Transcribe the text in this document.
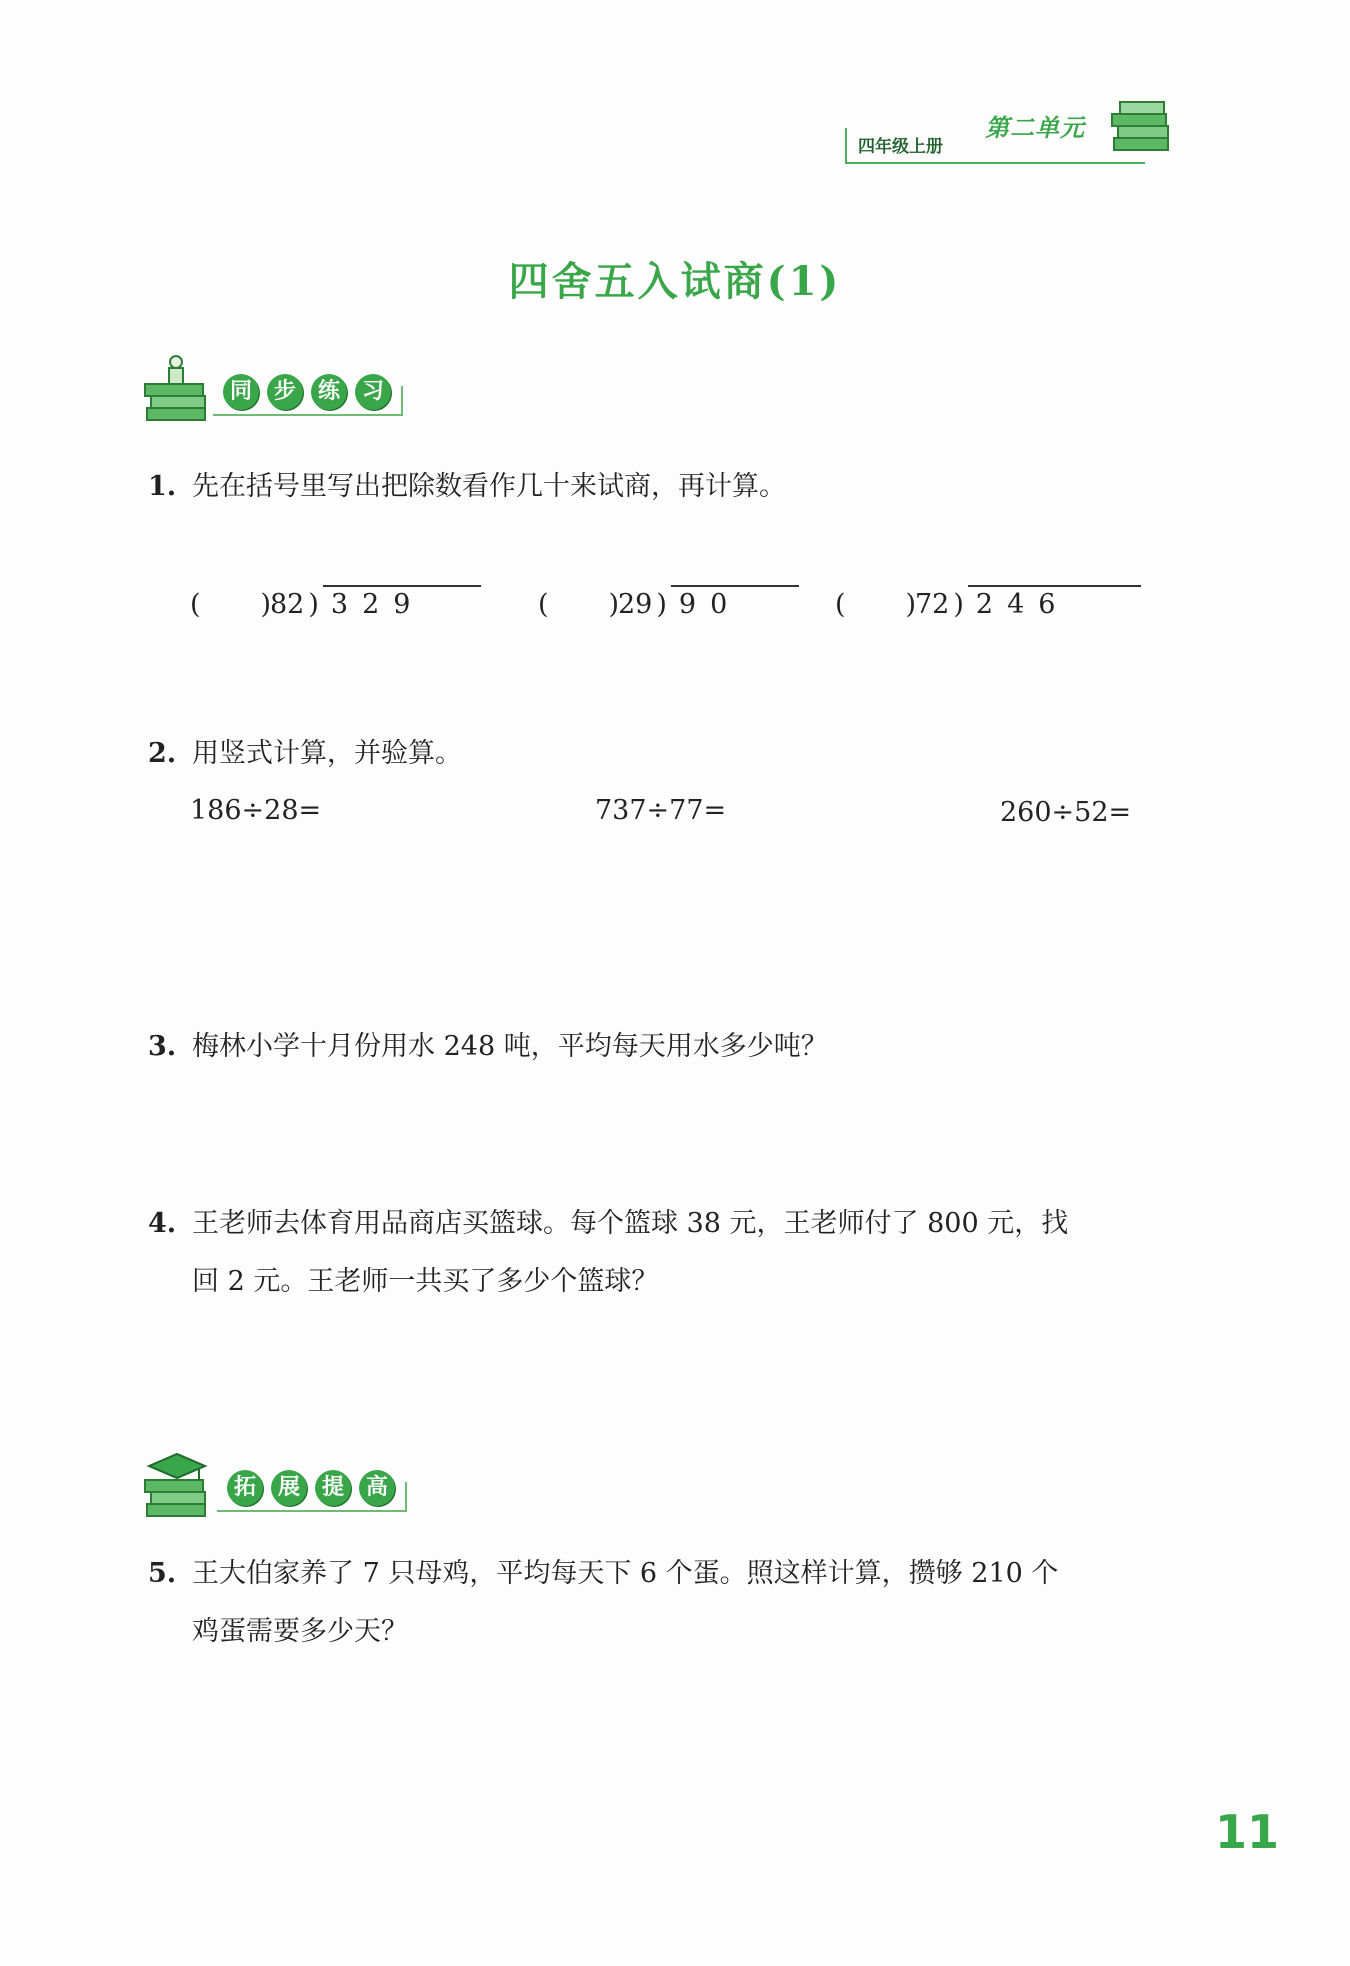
四年级上册
第二单元
四舍五入试商(1)
同 步 练 习
1. 先在括号里写出把除数看作几十来试商，再计算。
( )82 ) 329	( )29 ) 90	( )72 ) 246
2. 用竖式计算，并验算。
186÷28=	737÷77=	260÷52=
3. 梅林小学十月份用水 248 吨，平均每天用水多少吨？
4. 王老师去体育用品商店买篮球。每个篮球 38 元，王老师付了 800 元，找
回 2 元。王老师一共买了多少个篮球？
拓 展 提 高
5. 王大伯家养了 7 只母鸡，平均每天下 6 个蛋。照这样计算，攒够 210 个
鸡蛋需要多少天？
11
